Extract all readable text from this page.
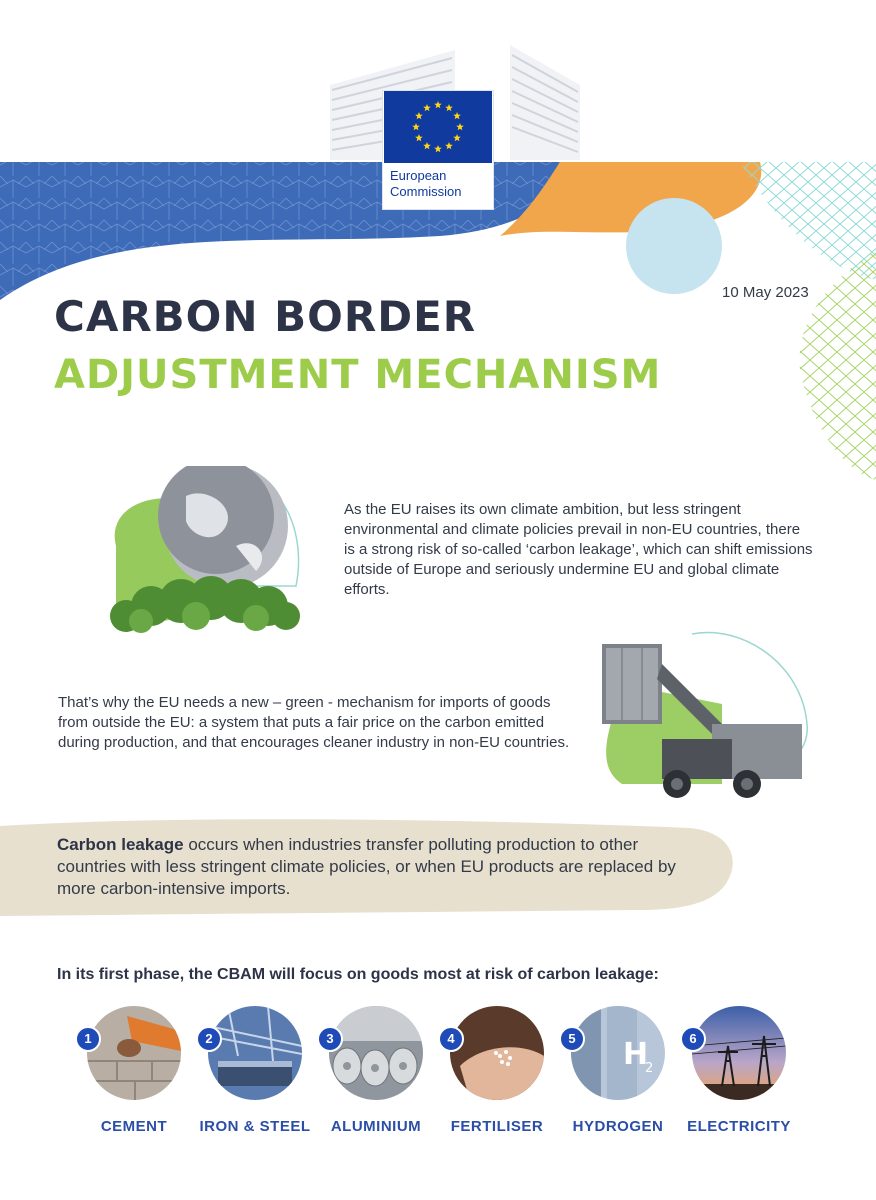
European Commission
10 May 2023
CARBON BORDER
ADJUSTMENT MECHANISM
As the EU raises its own climate ambition, but less stringent environmental and climate policies prevail in non-EU countries, there is a strong risk of so-called ‘carbon leakage’, which can shift emissions outside of Europe and seriously undermine EU and global climate efforts.
That’s why the EU needs a new – green - mechanism for imports of goods from outside the EU: a system that puts a fair price on the carbon emitted during production, and that encourages cleaner industry in non-EU countries.
Carbon leakage occurs when industries transfer polluting production to other countries with less stringent climate policies, or when EU products are replaced by more carbon-intensive imports.
In its first phase, the CBAM will focus on goods most at risk of carbon leakage:
1
CEMENT
2
IRON & STEEL
3
ALUMINIUM
4
FERTILISER
H
2
5
HYDROGEN
6
ELECTRICITY
